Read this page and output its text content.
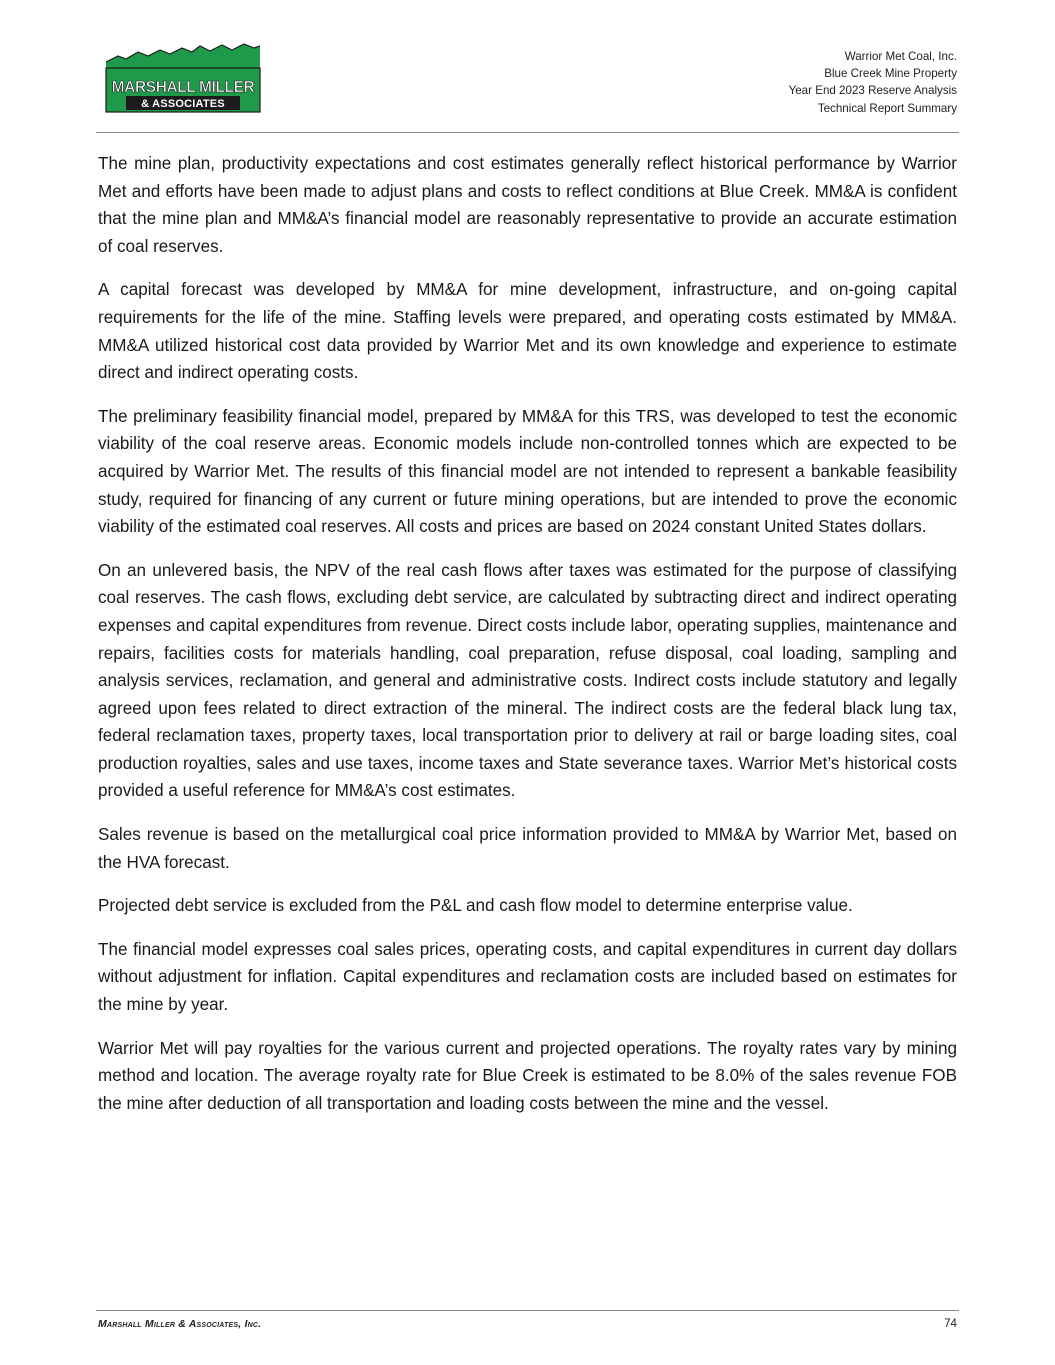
MARSHALL MILLER
& ASSOCIATES
Warrior Met Coal, Inc.
Blue Creek Mine Property
Year End 2023 Reserve Analysis
Technical Report Summary

The mine plan, productivity expectations and cost estimates generally reflect historical performance by Warrior Met and efforts have been made to adjust plans and costs to reflect conditions at Blue Creek. MM&A is confident that the mine plan and MM&A’s financial model are reasonably representative to provide an accurate estimation of coal reserves.

A capital forecast was developed by MM&A for mine development, infrastructure, and on-going capital requirements for the life of the mine. Staffing levels were prepared, and operating costs estimated by MM&A. MM&A utilized historical cost data provided by Warrior Met and its own knowledge and experience to estimate direct and indirect operating costs.

The preliminary feasibility financial model, prepared by MM&A for this TRS, was developed to test the economic viability of the coal reserve areas. Economic models include non-controlled tonnes which are expected to be acquired by Warrior Met. The results of this financial model are not intended to represent a bankable feasibility study, required for financing of any current or future mining operations, but are intended to prove the economic viability of the estimated coal reserves. All costs and prices are based on 2024 constant United States dollars.

On an unlevered basis, the NPV of the real cash flows after taxes was estimated for the purpose of classifying coal reserves. The cash flows, excluding debt service, are calculated by subtracting direct and indirect operating expenses and capital expenditures from revenue. Direct costs include labor, operating supplies, maintenance and repairs, facilities costs for materials handling, coal preparation, refuse disposal, coal loading, sampling and analysis services, reclamation, and general and administrative costs. Indirect costs include statutory and legally agreed upon fees related to direct extraction of the mineral. The indirect costs are the federal black lung tax, federal reclamation taxes, property taxes, local transportation prior to delivery at rail or barge loading sites, coal production royalties, sales and use taxes, income taxes and State severance taxes. Warrior Met’s historical costs provided a useful reference for MM&A’s cost estimates.

Sales revenue is based on the metallurgical coal price information provided to MM&A by Warrior Met, based on the HVA forecast.

Projected debt service is excluded from the P&L and cash flow model to determine enterprise value.

The financial model expresses coal sales prices, operating costs, and capital expenditures in current day dollars without adjustment for inflation. Capital expenditures and reclamation costs are included based on estimates for the mine by year.

Warrior Met will pay royalties for the various current and projected operations. The royalty rates vary by mining method and location. The average royalty rate for Blue Creek is estimated to be 8.0% of the sales revenue FOB the mine after deduction of all transportation and loading costs between the mine and the vessel.

Marshall Miller & Associates, Inc.	74
